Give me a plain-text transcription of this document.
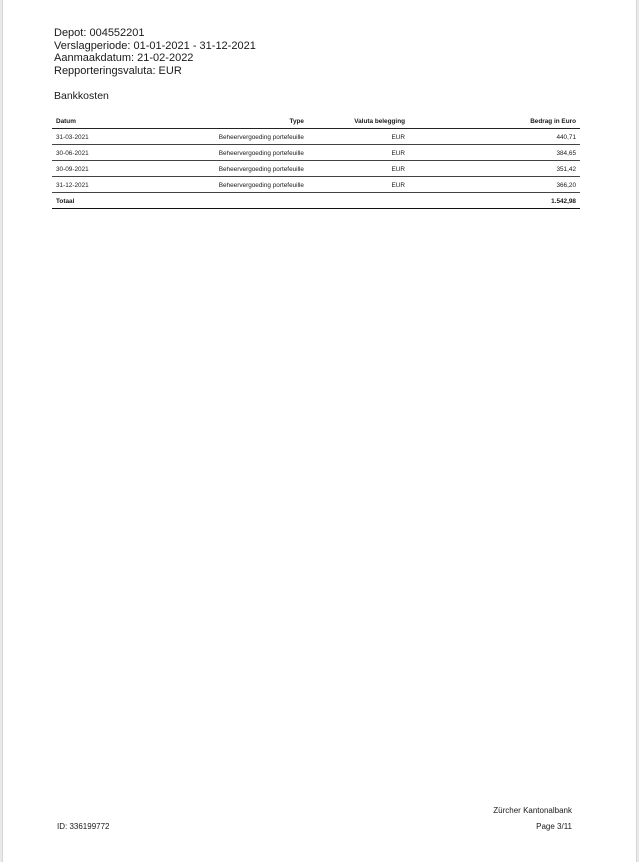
Depot: 004552201
Verslagperiode: 01-01-2021 - 31-12-2021
Aanmaakdatum: 21-02-2022
Repporteringsvaluta: EUR
Bankkosten
Datum	Type	Valuta belegging	Bedrag in Euro
31-03-2021	Beheervergoeding portefeuille	EUR	440,71
30-06-2021	Beheervergoeding portefeuille	EUR	384,65
30-09-2021	Beheervergoeding portefeuille	EUR	351,42
31-12-2021	Beheervergoeding portefeuille	EUR	366,20
Totaal			1.542,98
Zürcher Kantonalbank
ID: 336199772	Page 3/11
